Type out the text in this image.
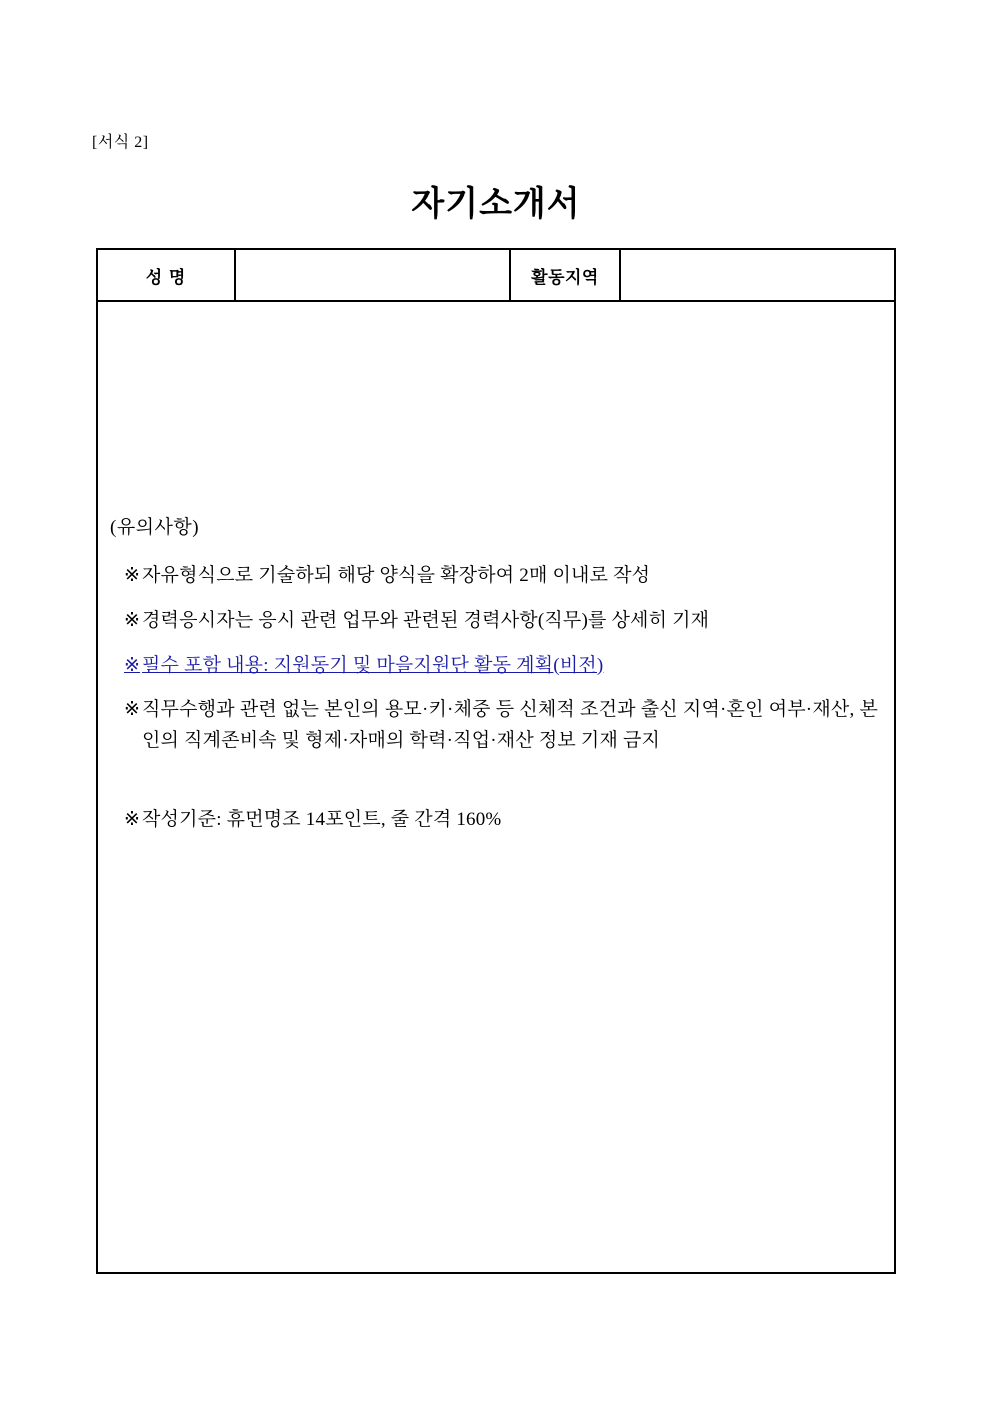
[서식 2]
자기소개서
성 명	활동지역
(유의사항)
※ 자유형식으로 기술하되 해당 양식을 확장하여 2매 이내로 작성
※ 경력응시자는 응시 관련 업무와 관련된 경력사항(직무)를 상세히 기재
※ 필수 포함 내용: 지원동기 및 마을지원단 활동 계획(비전)
※ 직무수행과 관련 없는 본인의 용모·키·체중 등 신체적 조건과 출신 지역·혼인 여부·재산, 본인의 직계존비속 및 형제·자매의 학력·직업·재산 정보 기재 금지
※ 작성기준: 휴먼명조 14포인트, 줄 간격 160%
